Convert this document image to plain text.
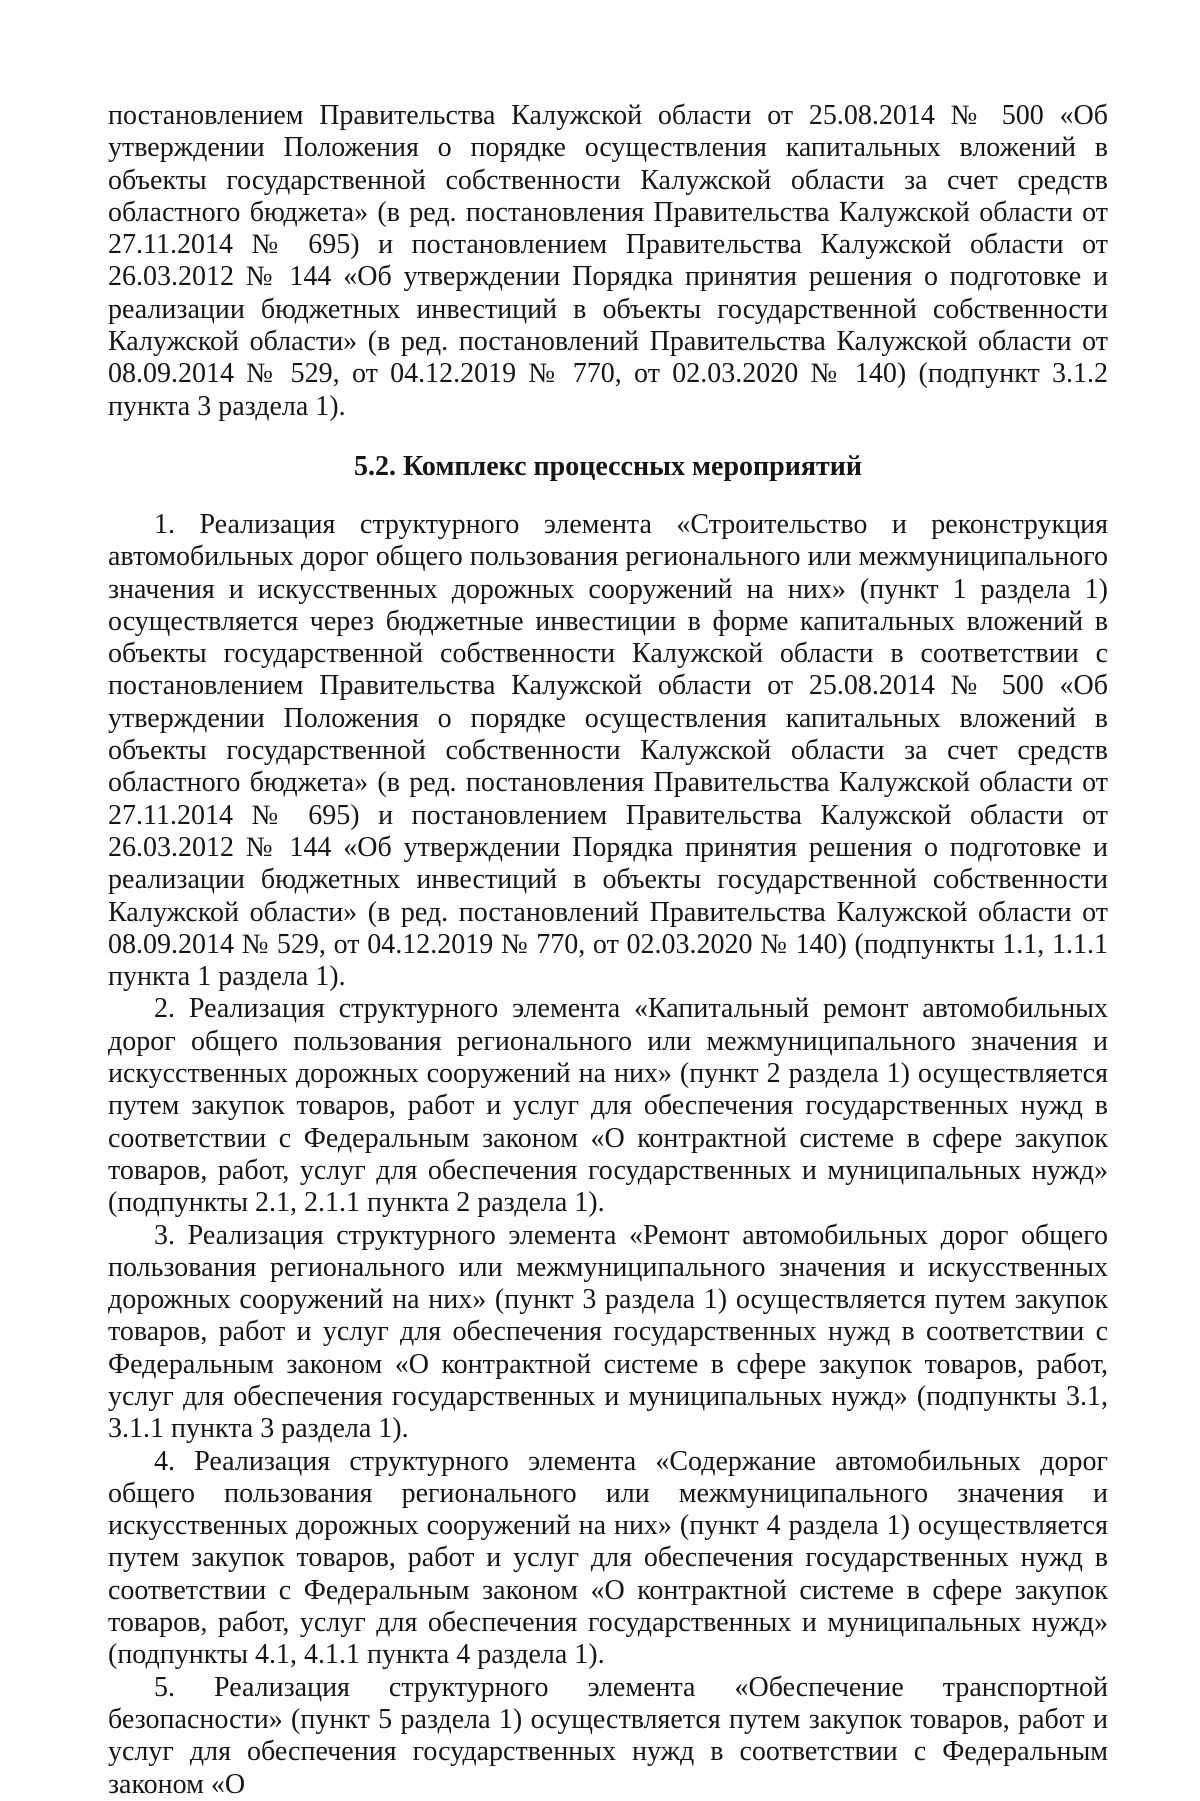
постановлением Правительства Калужской области от 25.08.2014 № 500 «Об утверждении Положения о порядке осуществления капитальных вложений в объекты государственной собственности Калужской области за счет средств областного бюджета» (в ред. постановления Правительства Калужской области от 27.11.2014 № 695) и постановлением Правительства Калужской области от 26.03.2012 № 144 «Об утверждении Порядка принятия решения о подготовке и реализации бюджетных инвестиций в объекты государственной собственности Калужской области» (в ред. постановлений Правительства Калужской области от 08.09.2014 № 529, от 04.12.2019 № 770, от 02.03.2020 № 140) (подпункт 3.1.2 пункта 3 раздела 1).

5.2. Комплекс процессных мероприятий

1. Реализация структурного элемента «Строительство и реконструкция автомобильных дорог общего пользования регионального или межмуниципального значения и искусственных дорожных сооружений на них» (пункт 1 раздела 1) осуществляется через бюджетные инвестиции в форме капитальных вложений в объекты государственной собственности Калужской области в соответствии с постановлением Правительства Калужской области от 25.08.2014 № 500 «Об утверждении Положения о порядке осуществления капитальных вложений в объекты государственной собственности Калужской области за счет средств областного бюджета» (в ред. постановления Правительства Калужской области от 27.11.2014 № 695) и постановлением Правительства Калужской области от 26.03.2012 № 144 «Об утверждении Порядка принятия решения о подготовке и реализации бюджетных инвестиций в объекты государственной собственности Калужской области» (в ред. постановлений Правительства Калужской области от 08.09.2014 № 529, от 04.12.2019 № 770, от 02.03.2020 № 140) (подпункты 1.1, 1.1.1 пункта 1 раздела 1).

2. Реализация структурного элемента «Капитальный ремонт автомобильных дорог общего пользования регионального или межмуниципального значения и искусственных дорожных сооружений на них» (пункт 2 раздела 1) осуществляется путем закупок товаров, работ и услуг для обеспечения государственных нужд в соответствии с Федеральным законом «О контрактной системе в сфере закупок товаров, работ, услуг для обеспечения государственных и муниципальных нужд» (подпункты 2.1, 2.1.1 пункта 2 раздела 1).

3. Реализация структурного элемента «Ремонт автомобильных дорог общего пользования регионального или межмуниципального значения и искусственных дорожных сооружений на них» (пункт 3 раздела 1) осуществляется путем закупок товаров, работ и услуг для обеспечения государственных нужд в соответствии с Федеральным законом «О контрактной системе в сфере закупок товаров, работ, услуг для обеспечения государственных и муниципальных нужд» (подпункты 3.1, 3.1.1 пункта 3 раздела 1).

4. Реализация структурного элемента «Содержание автомобильных дорог общего пользования регионального или межмуниципального значения и искусственных дорожных сооружений на них» (пункт 4 раздела 1) осуществляется путем закупок товаров, работ и услуг для обеспечения государственных нужд в соответствии с Федеральным законом «О контрактной системе в сфере закупок товаров, работ, услуг для обеспечения государственных и муниципальных нужд» (подпункты 4.1, 4.1.1 пункта 4 раздела 1).

5. Реализация структурного элемента «Обеспечение транспортной безопасности» (пункт 5 раздела 1) осуществляется путем закупок товаров, работ и услуг для обеспечения государственных нужд в соответствии с Федеральным законом «О
